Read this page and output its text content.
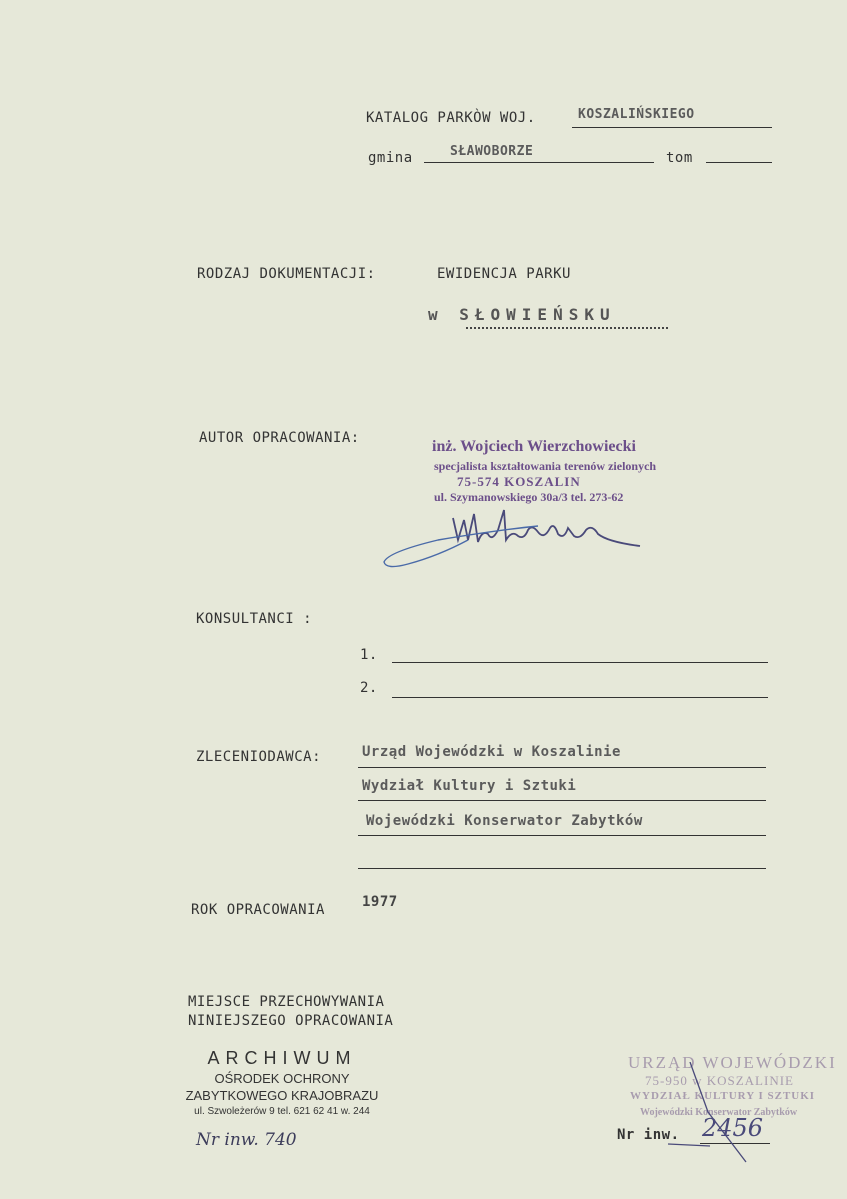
KATALOG PARKÒW WOJ.	KOSZALIŃSKIEGO
gmina	SŁAWOBORZE	tom
RODZAJ DOKUMENTACJI:	EWIDENCJA PARKU
w SŁOWIEŃSKU
AUTOR OPRACOWANIA:	inż. Wojciech Wierzchowiecki
specjalista kształtowania terenów zielonych
75-574 KOSZALIN
ul. Szymanowskiego 30a/3 tel. 273-62
KONSULTANCI :
1.
2.
ZLECENIODAWCA:	Urząd Wojewódzki w Koszalinie
Wydział Kultury i Sztuki
Wojewódzki Konserwator Zabytków
ROK OPRACOWANIA	1977
MIEJSCE PRZECHOWYWANIA
NINIEJSZEGO OPRACOWANIA
ARCHIWUM
OŚRODEK OCHRONY
ZABYTKOWEGO KRAJOBRAZU
ul. Szwoleżerów 9 tel. 621 62 41 w. 244
Nr inw. 740
URZĄD WOJEWÓDZKI
75-950 w KOSZALINIE
WYDZIAŁ KULTURY I SZTUKI
Wojewódzki Konserwator Zabytków
Nr inw. 2456
